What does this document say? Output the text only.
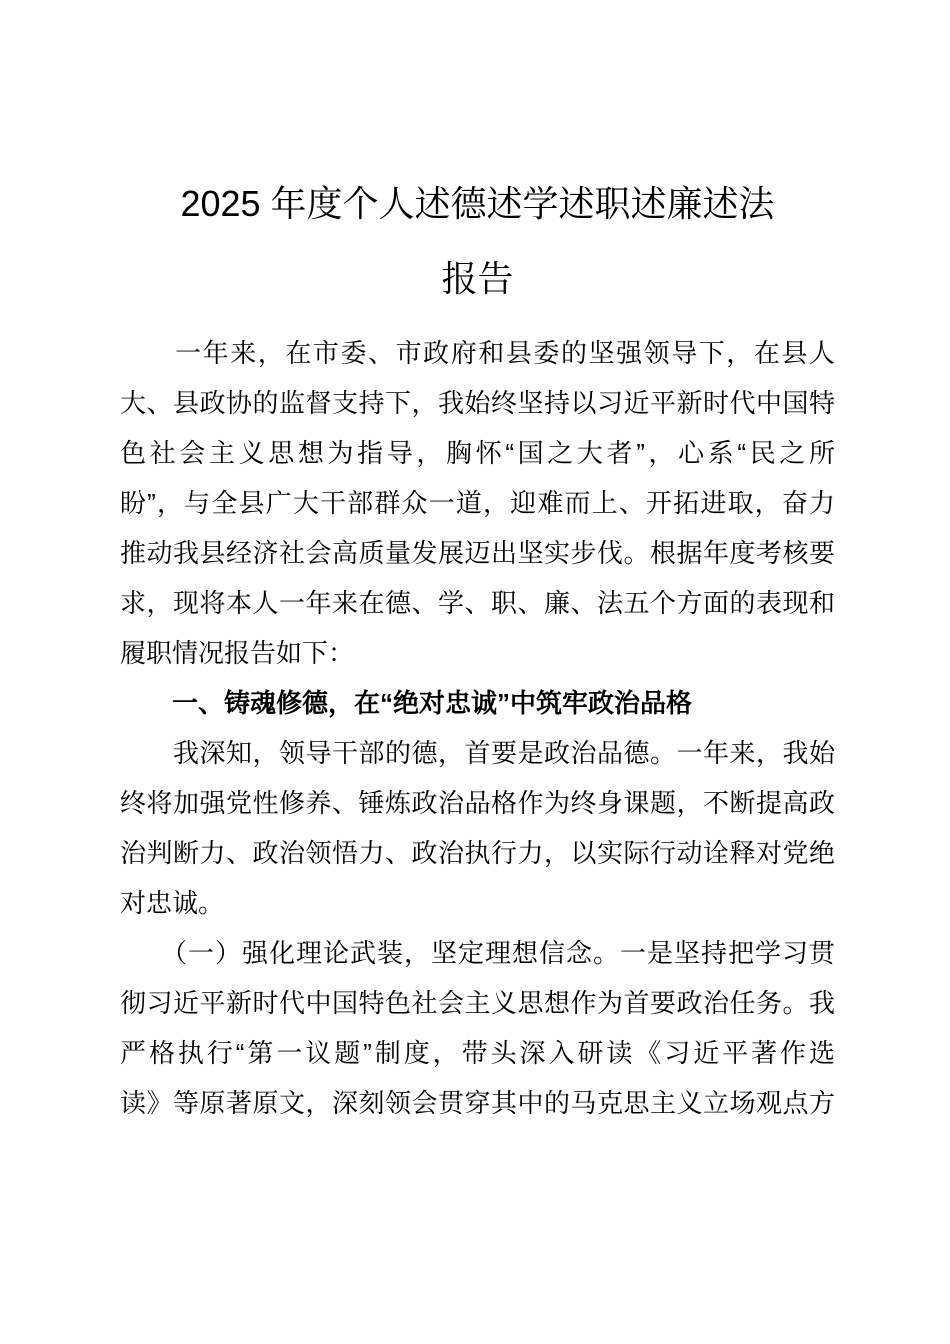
2025 年度个人述德述学述职述廉述法
报告
　　一年来，在市委、市政府和县委的坚强领导下，在县人
大、县政协的监督支持下，我始终坚持以习近平新时代中国特
色社会主义思想为指导，胸怀“国之大者”，心系“民之所
盼”，与全县广大干部群众一道，迎难而上、开拓进取，奋力
推动我县经济社会高质量发展迈出坚实步伐。根据年度考核要
求，现将本人一年来在德、学、职、廉、法五个方面的表现和
履职情况报告如下：
　　一、铸魂修德，在“绝对忠诚”中筑牢政治品格
　　我深知，领导干部的德，首要是政治品德。一年来，我始
终将加强党性修养、锤炼政治品格作为终身课题，不断提高政
治判断力、政治领悟力、政治执行力，以实际行动诠释对党绝
对忠诚。
　　（一）强化理论武装，坚定理想信念。一是坚持把学习贯
彻习近平新时代中国特色社会主义思想作为首要政治任务。我
严格执行“第一议题”制度，带头深入研读《习近平著作选
读》等原著原文，深刻领会贯穿其中的马克思主义立场观点方
